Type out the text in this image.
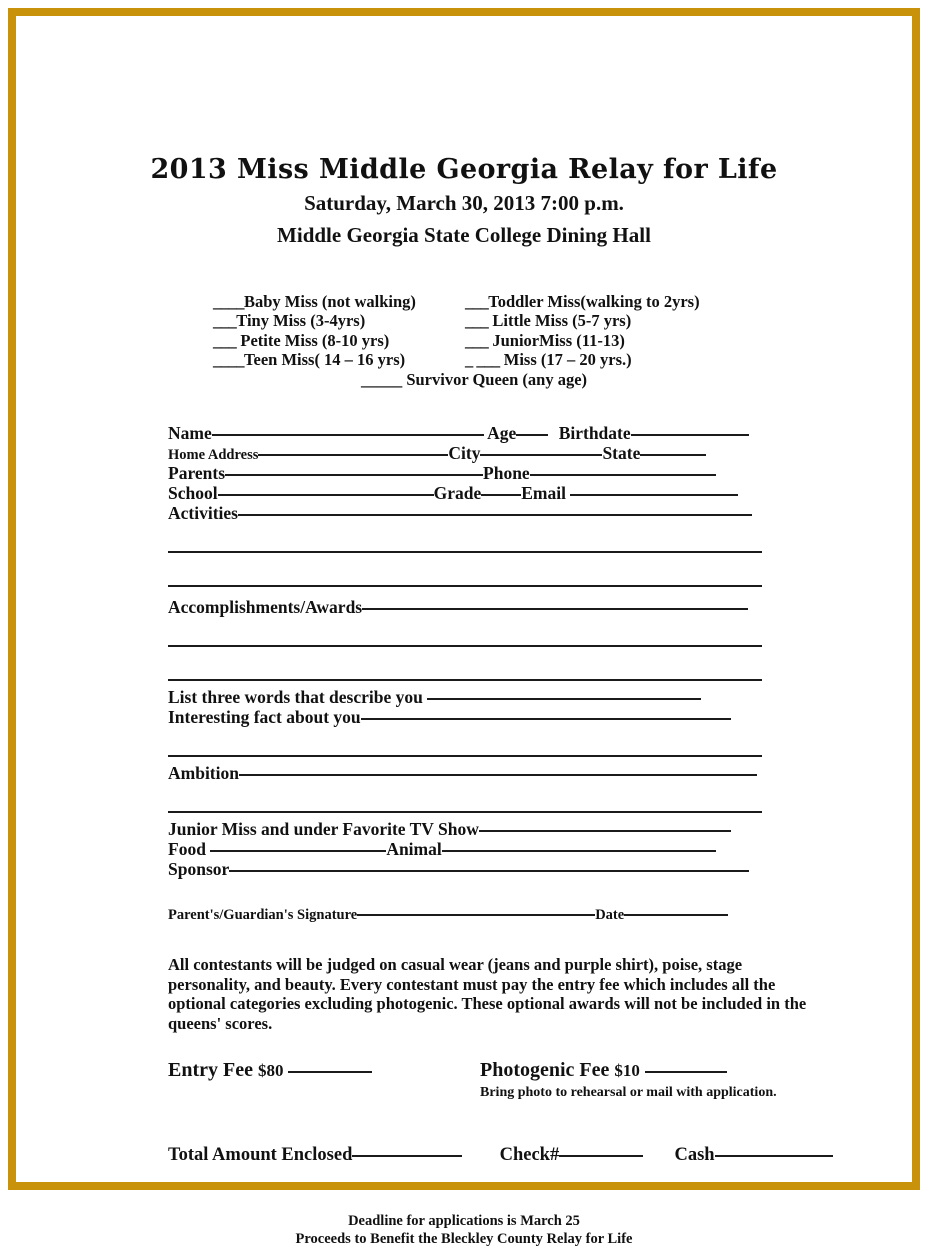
2013 Miss Middle Georgia Relay for Life
Saturday, March 30, 2013 7:00 p.m.
Middle Georgia State College Dining Hall
____Baby Miss (not walking)	___Toddler Miss(walking to 2yrs)
___Tiny Miss (3-4yrs)	___ Little Miss (5-7 yrs)
___ Petite Miss (8-10 yrs)	___ JuniorMiss (11-13)
____Teen Miss( 14 – 16 yrs)	_ ___ Miss (17 – 20 yrs.)
_____ Survivor Queen (any age)
Name	Age Birthdate
Home Address	City	State
Parents	Phone
School	Grade Email
Activities
Accomplishments/Awards
List three words that describe you
Interesting fact about you
Ambition
Junior Miss and under Favorite TV Show
Food	Animal
Sponsor
Parent's/Guardian's Signature	Date
All contestants will be judged on casual wear (jeans and purple shirt), poise, stage personality, and beauty. Every contestant must pay the entry fee which includes all the optional categories excluding photogenic. These optional awards will not be included in the queens' scores.
Entry Fee $80	Photogenic Fee $10
Bring photo to rehearsal or mail with application.
Total Amount Enclosed	Check#	Cash
Deadline for applications is March 25
Proceeds to Benefit the Bleckley County Relay for Life
